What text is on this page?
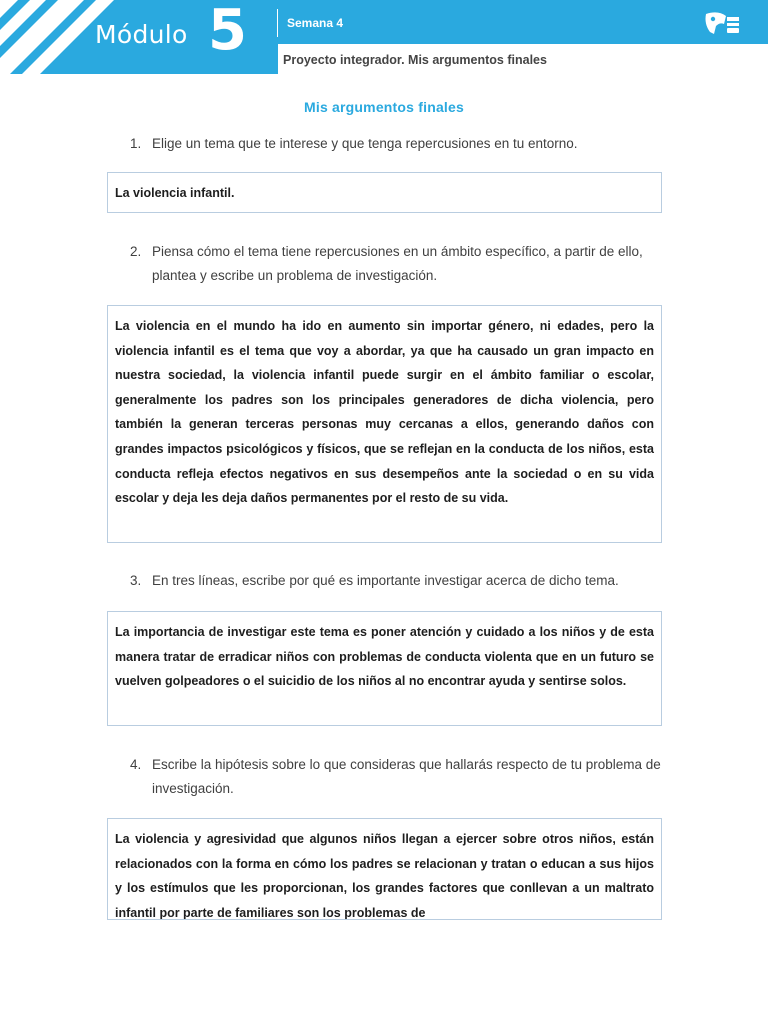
Módulo 5	Semana 4
Proyecto integrador. Mis argumentos finales
Mis argumentos finales
1. Elige un tema que te interese y que tenga repercusiones en tu entorno.

La violencia infantil.

2. Piensa cómo el tema tiene repercusiones en un ámbito específico, a partir de ello, plantea y escribe un problema de investigación.

La violencia en el mundo ha ido en aumento sin importar género, ni edades, pero la violencia infantil es el tema que voy a abordar, ya que ha causado un gran impacto en nuestra sociedad, la violencia infantil puede surgir en el ámbito familiar o escolar, generalmente los padres son los principales generadores de dicha violencia, pero también la generan terceras personas muy cercanas a ellos, generando daños con grandes impactos psicológicos y físicos, que se reflejan en la conducta de los niños, esta conducta refleja efectos negativos en sus desempeños ante la sociedad o en su vida escolar y deja les deja daños permanentes por el resto de su vida.

3. En tres líneas, escribe por qué es importante investigar acerca de dicho tema.

La importancia de investigar este tema es poner atención y cuidado a los niños y de esta manera tratar de erradicar niños con problemas de conducta violenta que en un futuro se vuelven golpeadores o el suicidio de los niños al no encontrar ayuda y sentirse solos.

4. Escribe la hipótesis sobre lo que consideras que hallarás respecto de tu problema de investigación.

La violencia y agresividad que algunos niños llegan a ejercer sobre otros niños, están relacionados con la forma en cómo los padres se relacionan y tratan o educan a sus hijos y los estímulos que les proporcionan, los grandes factores que conllevan a un maltrato infantil por parte de familiares son los problemas de
